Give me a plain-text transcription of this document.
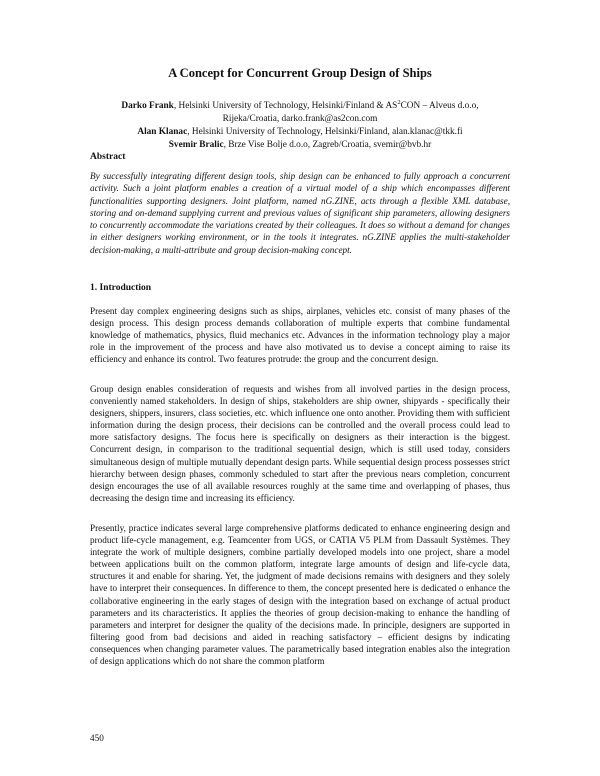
A Concept for Concurrent Group Design of Ships
Darko Frank, Helsinki University of Technology, Helsinki/Finland & $AS^2CON$ – Alveus d.o.o,
Rijeka/Croatia, darko.frank@as2con.com
Alan Klanac, Helsinki University of Technology, Helsinki/Finland, alan.klanac@tkk.fi
Svemir Bralic, Brze Vise Bolje d.o.o, Zagreb/Croatia, svemir@bvb.hr
Abstract
By successfully integrating different design tools, ship design can be enhanced to fully approach a concurrent activity. Such a joint platform enables a creation of a virtual model of a ship which encompasses different functionalities supporting designers. Joint platform, named nG.ZINE, acts through a flexible XML database, storing and on-demand supplying current and previous values of significant ship parameters, allowing designers to concurrently accommodate the variations created by their colleagues. It does so without a demand for changes in either designers working environment, or in the tools it integrates. nG.ZINE applies the multi-stakeholder decision-making, a multi-attribute and group decision-making concept.
1. Introduction

Present day complex engineering designs such as ships, airplanes, vehicles etc. consist of many phases of the design process. This design process demands collaboration of multiple experts that combine fundamental knowledge of mathematics, physics, fluid mechanics etc. Advances in the information technology play a major role in the improvement of the process and have also motivated us to devise a concept aiming to raise its efficiency and enhance its control. Two features protrude: the group and the concurrent design.

Group design enables consideration of requests and wishes from all involved parties in the design process, conveniently named stakeholders. In design of ships, stakeholders are ship owner, shipyards - specifically their designers, shippers, insurers, class societies, etc. which influence one onto another. Providing them with sufficient information during the design process, their decisions can be controlled and the overall process could lead to more satisfactory designs. The focus here is specifically on designers as their interaction is the biggest. Concurrent design, in comparison to the traditional sequential design, which is still used today, considers simultaneous design of multiple mutually dependant design parts. While sequential design process possesses strict hierarchy between design phases, commonly scheduled to start after the previous nears completion, concurrent design encourages the use of all available resources roughly at the same time and overlapping of phases, thus decreasing the design time and increasing its efficiency.

Presently, practice indicates several large comprehensive platforms dedicated to enhance engineering design and product life-cycle management, e.g. Teamcenter from UGS, or CATIA V5 PLM from Dassault Systèmes. They integrate the work of multiple designers, combine partially developed models into one project, share a model between applications built on the common platform, integrate large amounts of design and life-cycle data, structures it and enable for sharing. Yet, the judgment of made decisions remains with designers and they solely have to interpret their consequences. In difference to them, the concept presented here is dedicated o enhance the collaborative engineering in the early stages of design with the integration based on exchange of actual product parameters and its characteristics. It applies the theories of group decision-making to enhance the handling of parameters and interpret for designer the quality of the decisions made. In principle, designers are supported in filtering good from bad decisions and aided in reaching satisfactory – efficient designs by indicating consequences when changing parameter values. The parametrically based integration enables also the integration of design applications which do not share the common platform

450
